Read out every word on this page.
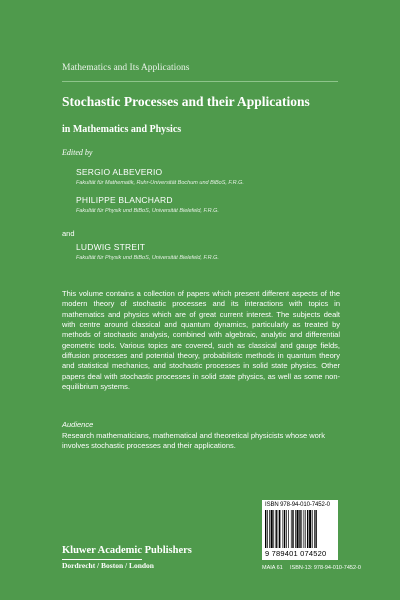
Mathematics and Its Applications
Stochastic Processes and their Applications
in Mathematics and Physics
Edited by
SERGIO ALBEVERIO
Fakultät für Mathematik, Ruhr-Universität Bochum und BiBoS, F.R.G.
PHILIPPE BLANCHARD
Fakultät für Physik und BiBoS, Universität Bielefeld, F.R.G.
and
LUDWIG STREIT
Fakultät für Physik und BiBoS, Universität Bielefeld, F.R.G.

This volume contains a collection of papers which present different aspects of the modern theory of stochastic processes and its interactions with topics in mathematics and physics which are of great current interest. The subjects dealt with centre around classical and quantum dynamics, particularly as treated by methods of stochastic analysis, combined with algebraic, analytic and differential geometric tools. Various topics are covered, such as classical and gauge fields, diffusion processes and potential theory, probabilistic methods in quantum theory and statistical mechanics, and stochastic processes in solid state physics. Other papers deal with stochastic processes in solid state physics, as well as some non-equilibrium systems.

Audience

Research mathematicians, mathematical and theoretical physicists whose work involves stochastic processes and their applications.

ISBN 978-94-010-7452-0
9 789401 074520
MAIA 61 ISBN-13: 978-94-010-7452-0
Kluwer Academic Publishers
Dordrecht / Boston / London
